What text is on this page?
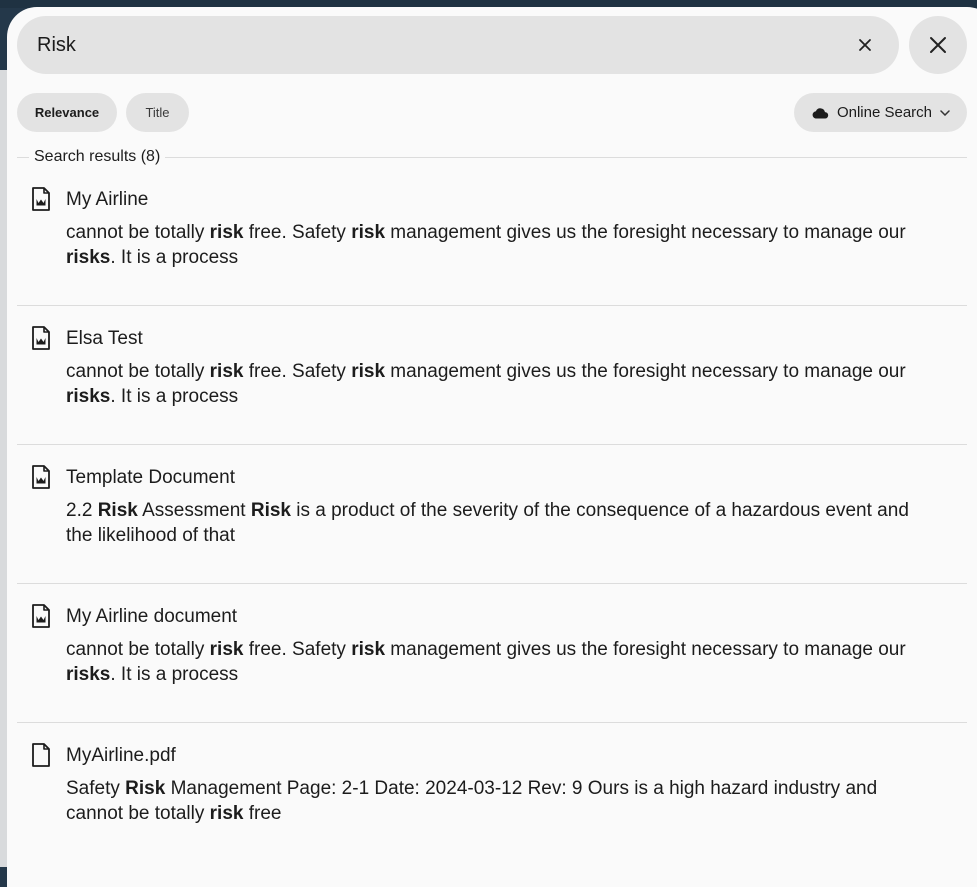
Risk
Relevance	Title	Online Search
Search results (8)
My Airline
cannot be totally risk free. Safety risk management gives us the foresight necessary to manage our risks. It is a process
Elsa Test
cannot be totally risk free. Safety risk management gives us the foresight necessary to manage our risks. It is a process
Template Document
2.2 Risk Assessment Risk is a product of the severity of the consequence of a hazardous event and the likelihood of that
My Airline document
cannot be totally risk free. Safety risk management gives us the foresight necessary to manage our risks. It is a process
MyAirline.pdf
Safety Risk Management Page: 2-1 Date: 2024-03-12 Rev: 9 Ours is a high hazard industry and cannot be totally risk free
